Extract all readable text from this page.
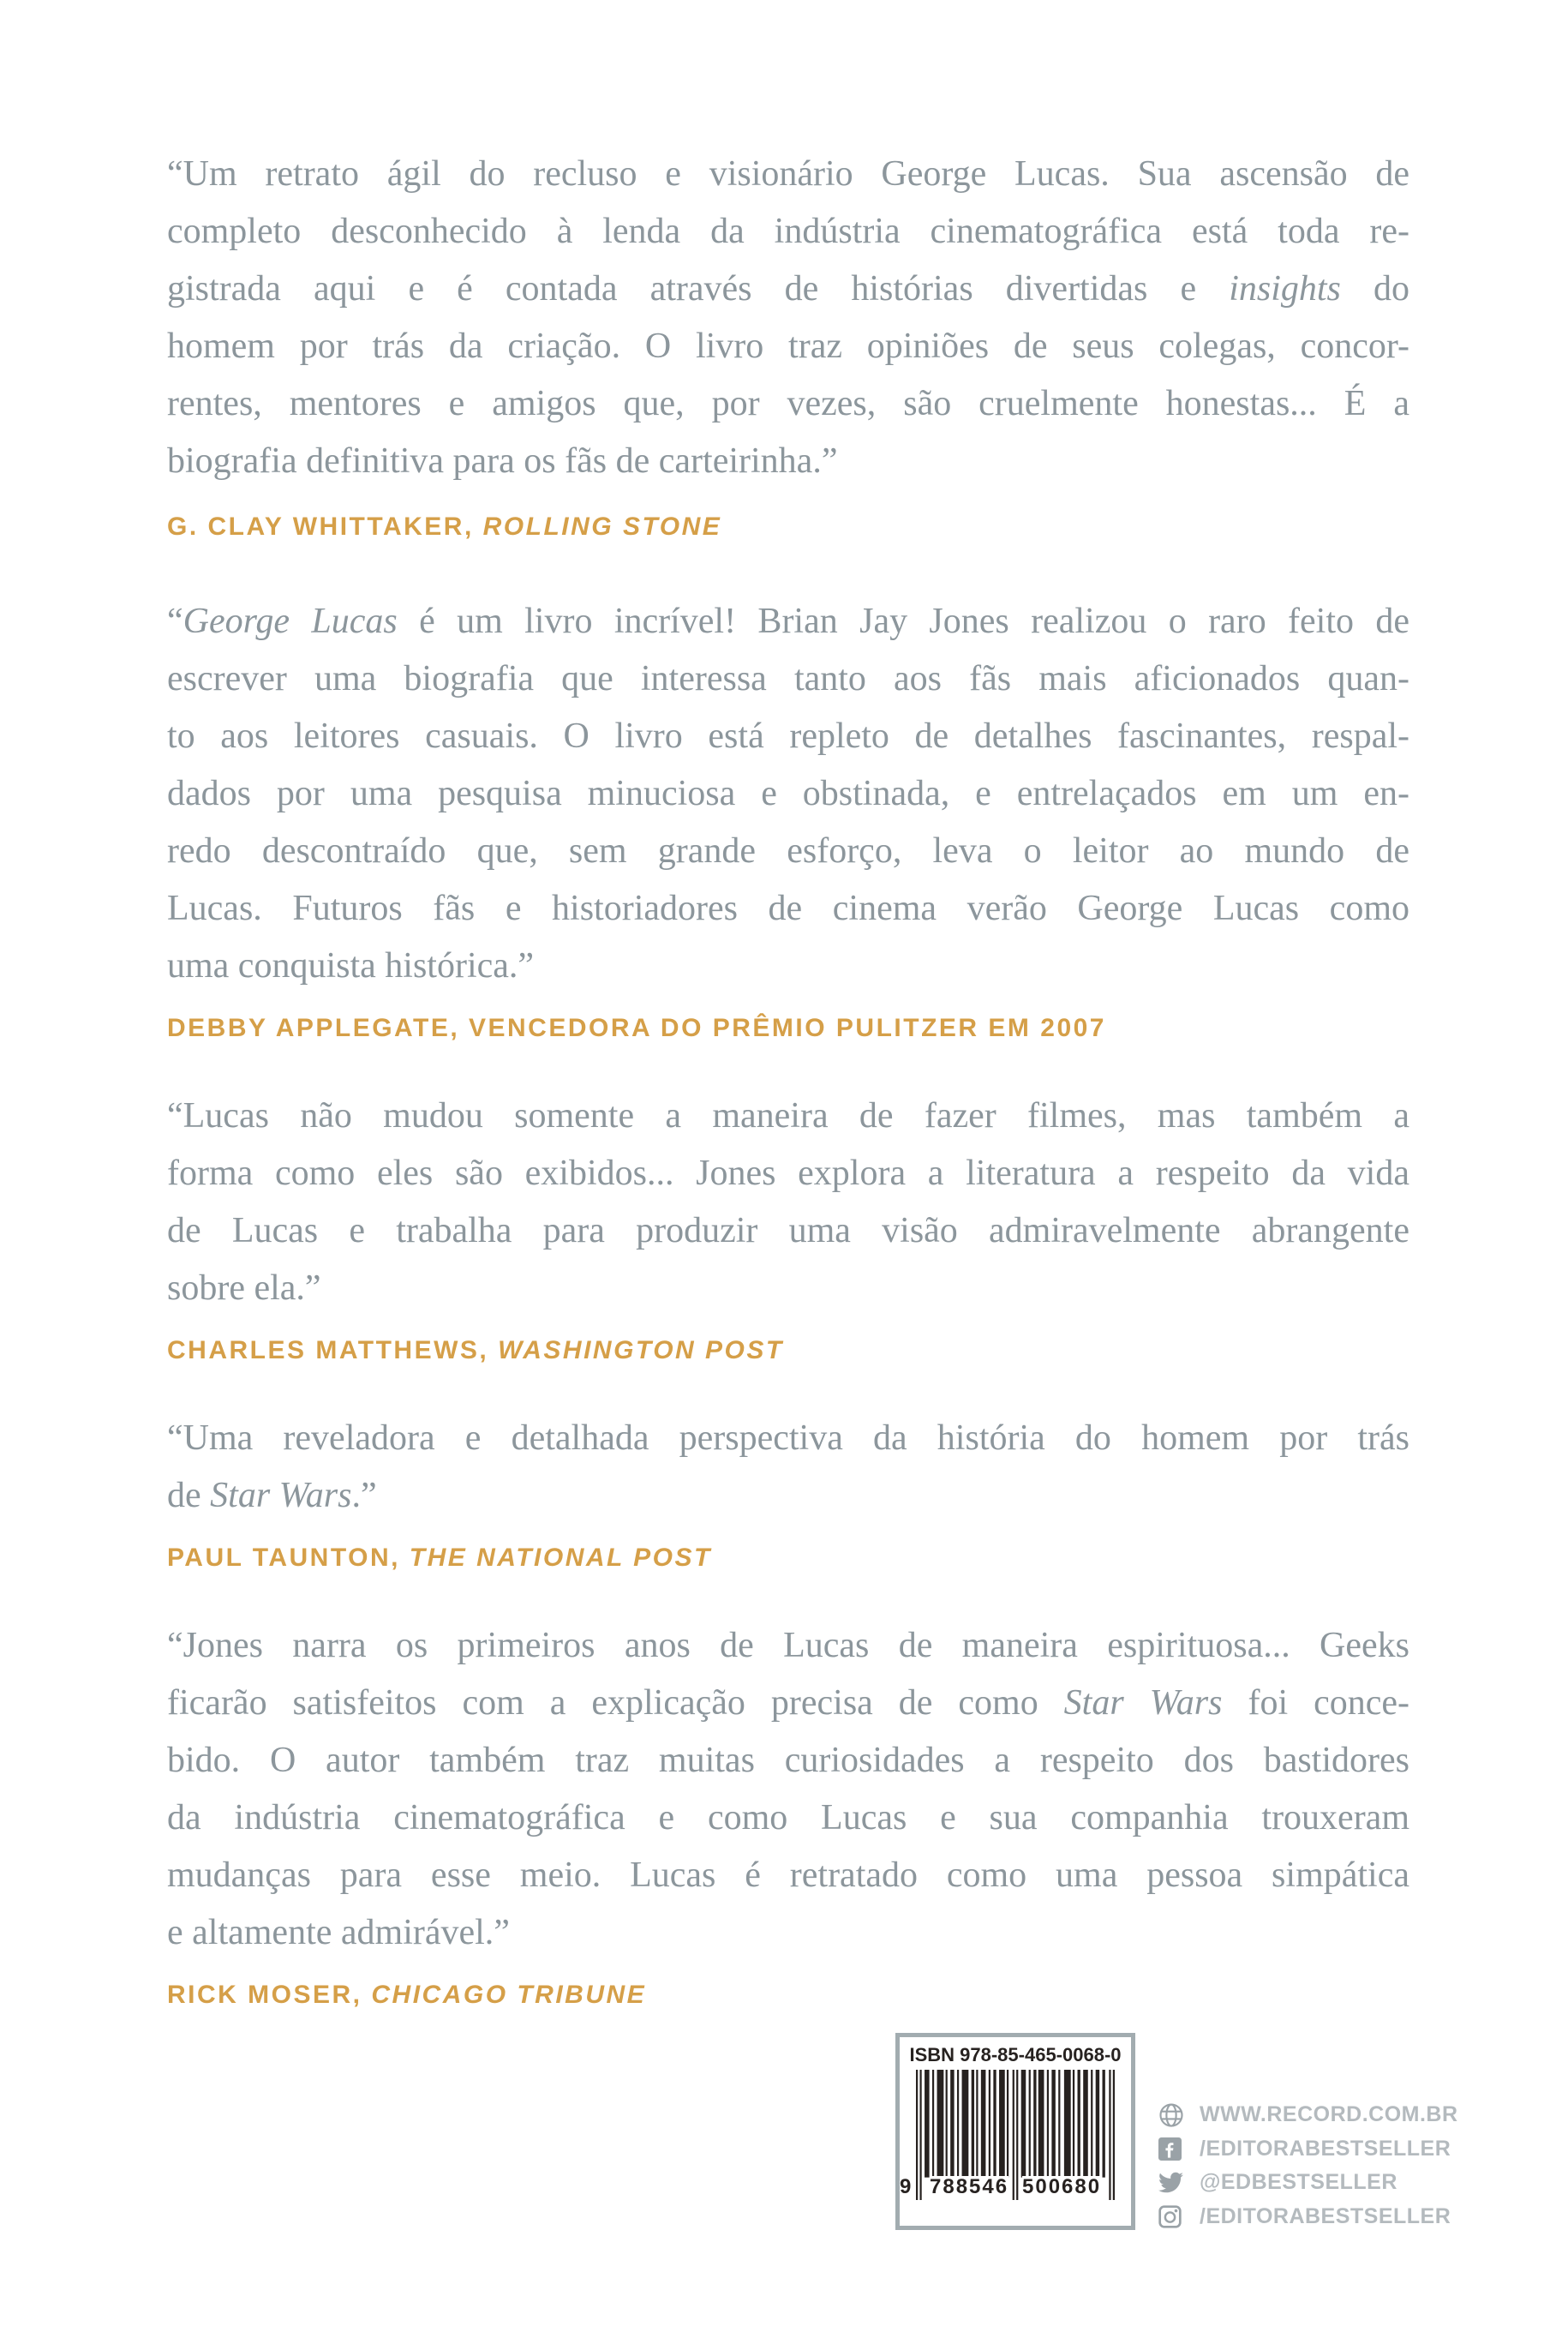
“Um retrato ágil do recluso e visionário George Lucas. Sua ascensão de
completo desconhecido à lenda da indústria cinematográfica está toda re-
gistrada aqui e é contada através de histórias divertidas e insights do
homem por trás da criação. O livro traz opiniões de seus colegas, concor-
rentes, mentores e amigos que, por vezes, são cruelmente honestas... É a
biografia definitiva para os fãs de carteirinha.”
G. CLAY WHITTAKER, ROLLING STONE
“George Lucas é um livro incrível! Brian Jay Jones realizou o raro feito de
escrever uma biografia que interessa tanto aos fãs mais aficionados quan-
to aos leitores casuais. O livro está repleto de detalhes fascinantes, respal-
dados por uma pesquisa minuciosa e obstinada, e entrelaçados em um en-
redo descontraído que, sem grande esforço, leva o leitor ao mundo de
Lucas. Futuros fãs e historiadores de cinema verão George Lucas como
uma conquista histórica.”
DEBBY APPLEGATE, VENCEDORA DO PRÊMIO PULITZER EM 2007
“Lucas não mudou somente a maneira de fazer filmes, mas também a
forma como eles são exibidos... Jones explora a literatura a respeito da vida
de Lucas e trabalha para produzir uma visão admiravelmente abrangente
sobre ela.”
CHARLES MATTHEWS, WASHINGTON POST
“Uma reveladora e detalhada perspectiva da história do homem por trás
de Star Wars.”
PAUL TAUNTON, THE NATIONAL POST
“Jones narra os primeiros anos de Lucas de maneira espirituosa... Geeks
ficarão satisfeitos com a explicação precisa de como Star Wars foi conce-
bido. O autor também traz muitas curiosidades a respeito dos bastidores
da indústria cinematográfica e como Lucas e sua companhia trouxeram
mudanças para esse meio. Lucas é retratado como uma pessoa simpática
e altamente admirável.”
RICK MOSER, CHICAGO TRIBUNE
ISBN 978-85-465-0068-0
9 788546 500680
WWW.RECORD.COM.BR
/EDITORABESTSELLER
@EDBESTSELLER
/EDITORABESTSELLER
